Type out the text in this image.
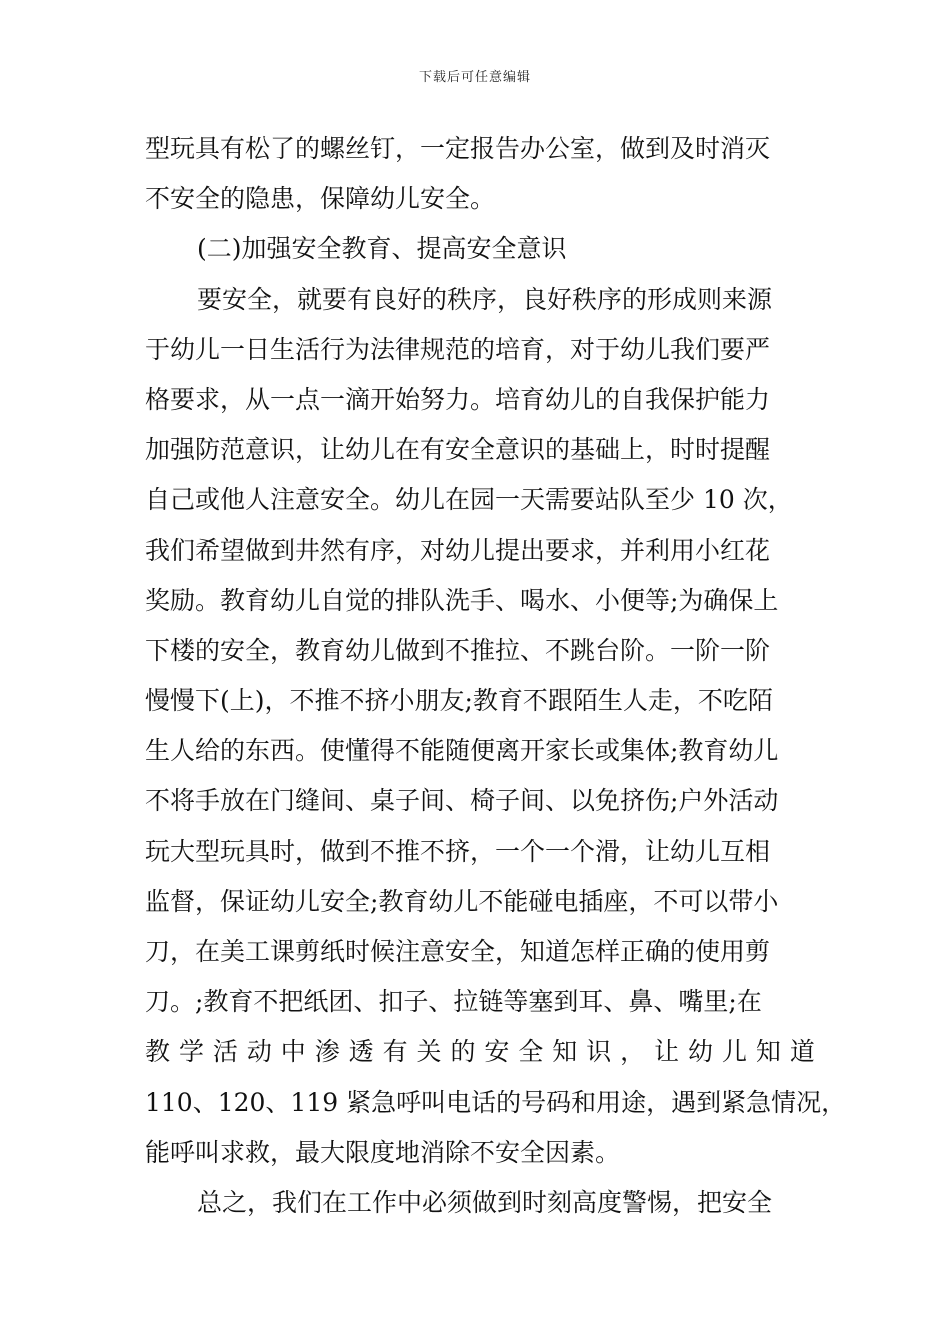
下载后可任意编辑
型玩具有松了的螺丝钉，一定报告办公室，做到及时消灭
不安全的隐患，保障幼儿安全。
(二)加强安全教育、提高安全意识
要安全，就要有良好的秩序，良好秩序的形成则来源
于幼儿一日生活行为法律规范的培育，对于幼儿我们要严
格要求，从一点一滴开始努力。培育幼儿的自我保护能力
加强防范意识，让幼儿在有安全意识的基础上，时时提醒
自己或他人注意安全。幼儿在园一天需要站队至少 10 次，
我们希望做到井然有序，对幼儿提出要求，并利用小红花
奖励。教育幼儿自觉的排队洗手、喝水、小便等;为确保上
下楼的安全，教育幼儿做到不推拉、不跳台阶。一阶一阶
慢慢下(上)，不推不挤小朋友;教育不跟陌生人走，不吃陌
生人给的东西。使懂得不能随便离开家长或集体;教育幼儿
不将手放在门缝间、桌子间、椅子间、以免挤伤;户外活动
玩大型玩具时，做到不推不挤，一个一个滑，让幼儿互相
监督，保证幼儿安全;教育幼儿不能碰电插座，不可以带小
刀，在美工课剪纸时候注意安全，知道怎样正确的使用剪
刀。;教育不把纸团、扣子、拉链等塞到耳、鼻、嘴里;在
教 学 活 动 中 渗 透 有 关 的 安 全 知 识 ， 让 幼 儿 知 道
110、120、119 紧急呼叫电话的号码和用途，遇到紧急情况，
能呼叫求救，最大限度地消除不安全因素。
总之，我们在工作中必须做到时刻高度警惕，把安全
